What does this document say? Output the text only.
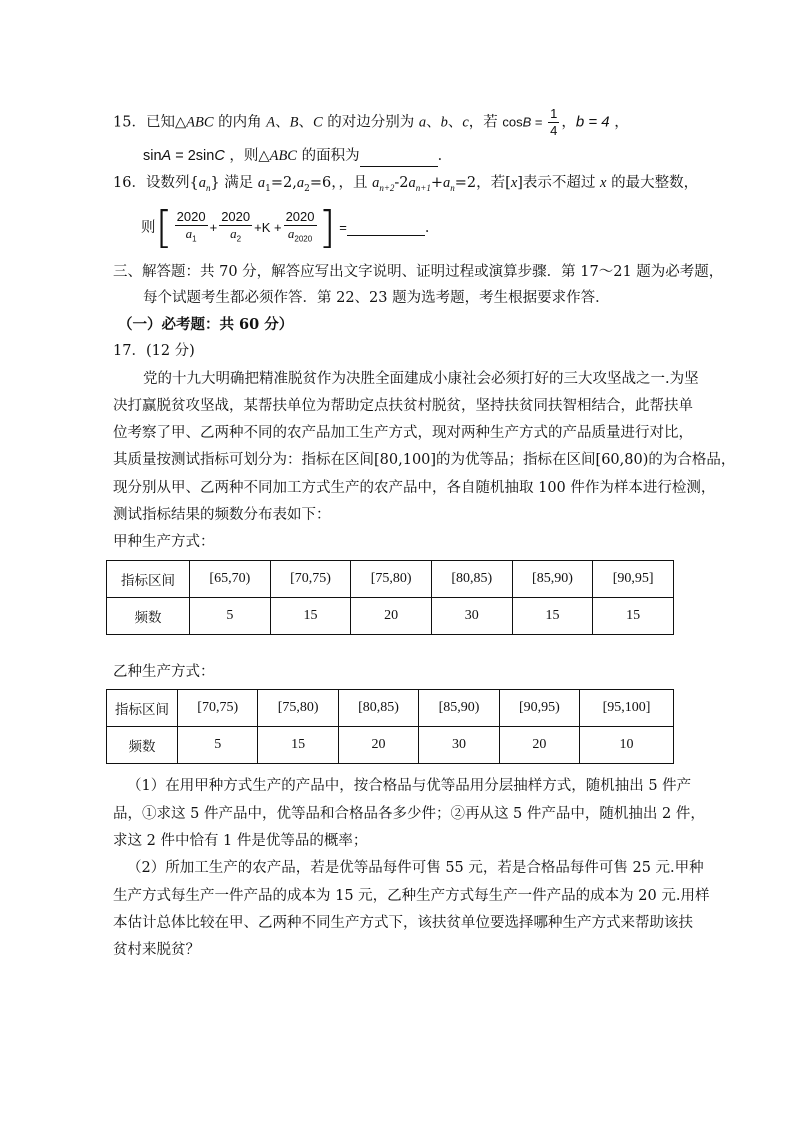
15．已知△ABC 的内角 A、B、C 的对边分别为 a、b、c，若 $\cos B = \frac{1}{4}$ ，b = 4 ，
sinA = 2sinC ，则△ABC 的面积为	．
16．设数列$\{a_n\}$ 满足 $a_1=2,a_2=6$，，且 $a_{n+2}-2a_{n+1}+a_n=2$，若[x]表示不超过 x 的最大整数，
则[ $\frac{2020}{a_1} + \frac{2020}{a_2} +K + \frac{2020}{a_{2020}}$ ] =	．
三、解答题：共 70 分，解答应写出文字说明、证明过程或演算步骤．第 17～21 题为必考题，
每个试题考生都必须作答．第 22、23 题为选考题，考生根据要求作答．
（一）必考题：共 60 分）
17．(12 分)
党的十九大明确把精准脱贫作为决胜全面建成小康社会必须打好的三大攻坚战之一.为坚
决打赢脱贫攻坚战，某帮扶单位为帮助定点扶贫村脱贫，坚持扶贫同扶智相结合，此帮扶单
位考察了甲、乙两种不同的农产品加工生产方式，现对两种生产方式的产品质量进行对比，
其质量按测试指标可划分为：指标在区间[80,100]的为优等品；指标在区间[60,80)的为合格品，
现分别从甲、乙两种不同加工方式生产的农产品中，各自随机抽取 100 件作为样本进行检测，
测试指标结果的频数分布表如下：
甲种生产方式：
指标区间	[65,70)	[70,75)	[75,80)	[80,85)	[85,90)	[90,95]
频数	5	15	20	30	15	15
乙种生产方式：
指标区间	[70,75)	[75,80)	[80,85)	[85,90)	[90,95)	[95,100]
频数	5	15	20	30	20	10
（1）在用甲种方式生产的产品中，按合格品与优等品用分层抽样方式，随机抽出 5 件产
品，①求这 5 件产品中，优等品和合格品各多少件；②再从这 5 件产品中，随机抽出 2 件，
求这 2 件中恰有 1 件是优等品的概率；
（2）所加工生产的农产品，若是优等品每件可售 55 元，若是合格品每件可售 25 元.甲种
生产方式每生产一件产品的成本为 15 元，乙种生产方式每生产一件产品的成本为 20 元.用样
本估计总体比较在甲、乙两种不同生产方式下，该扶贫单位要选择哪种生产方式来帮助该扶
贫村来脱贫？
